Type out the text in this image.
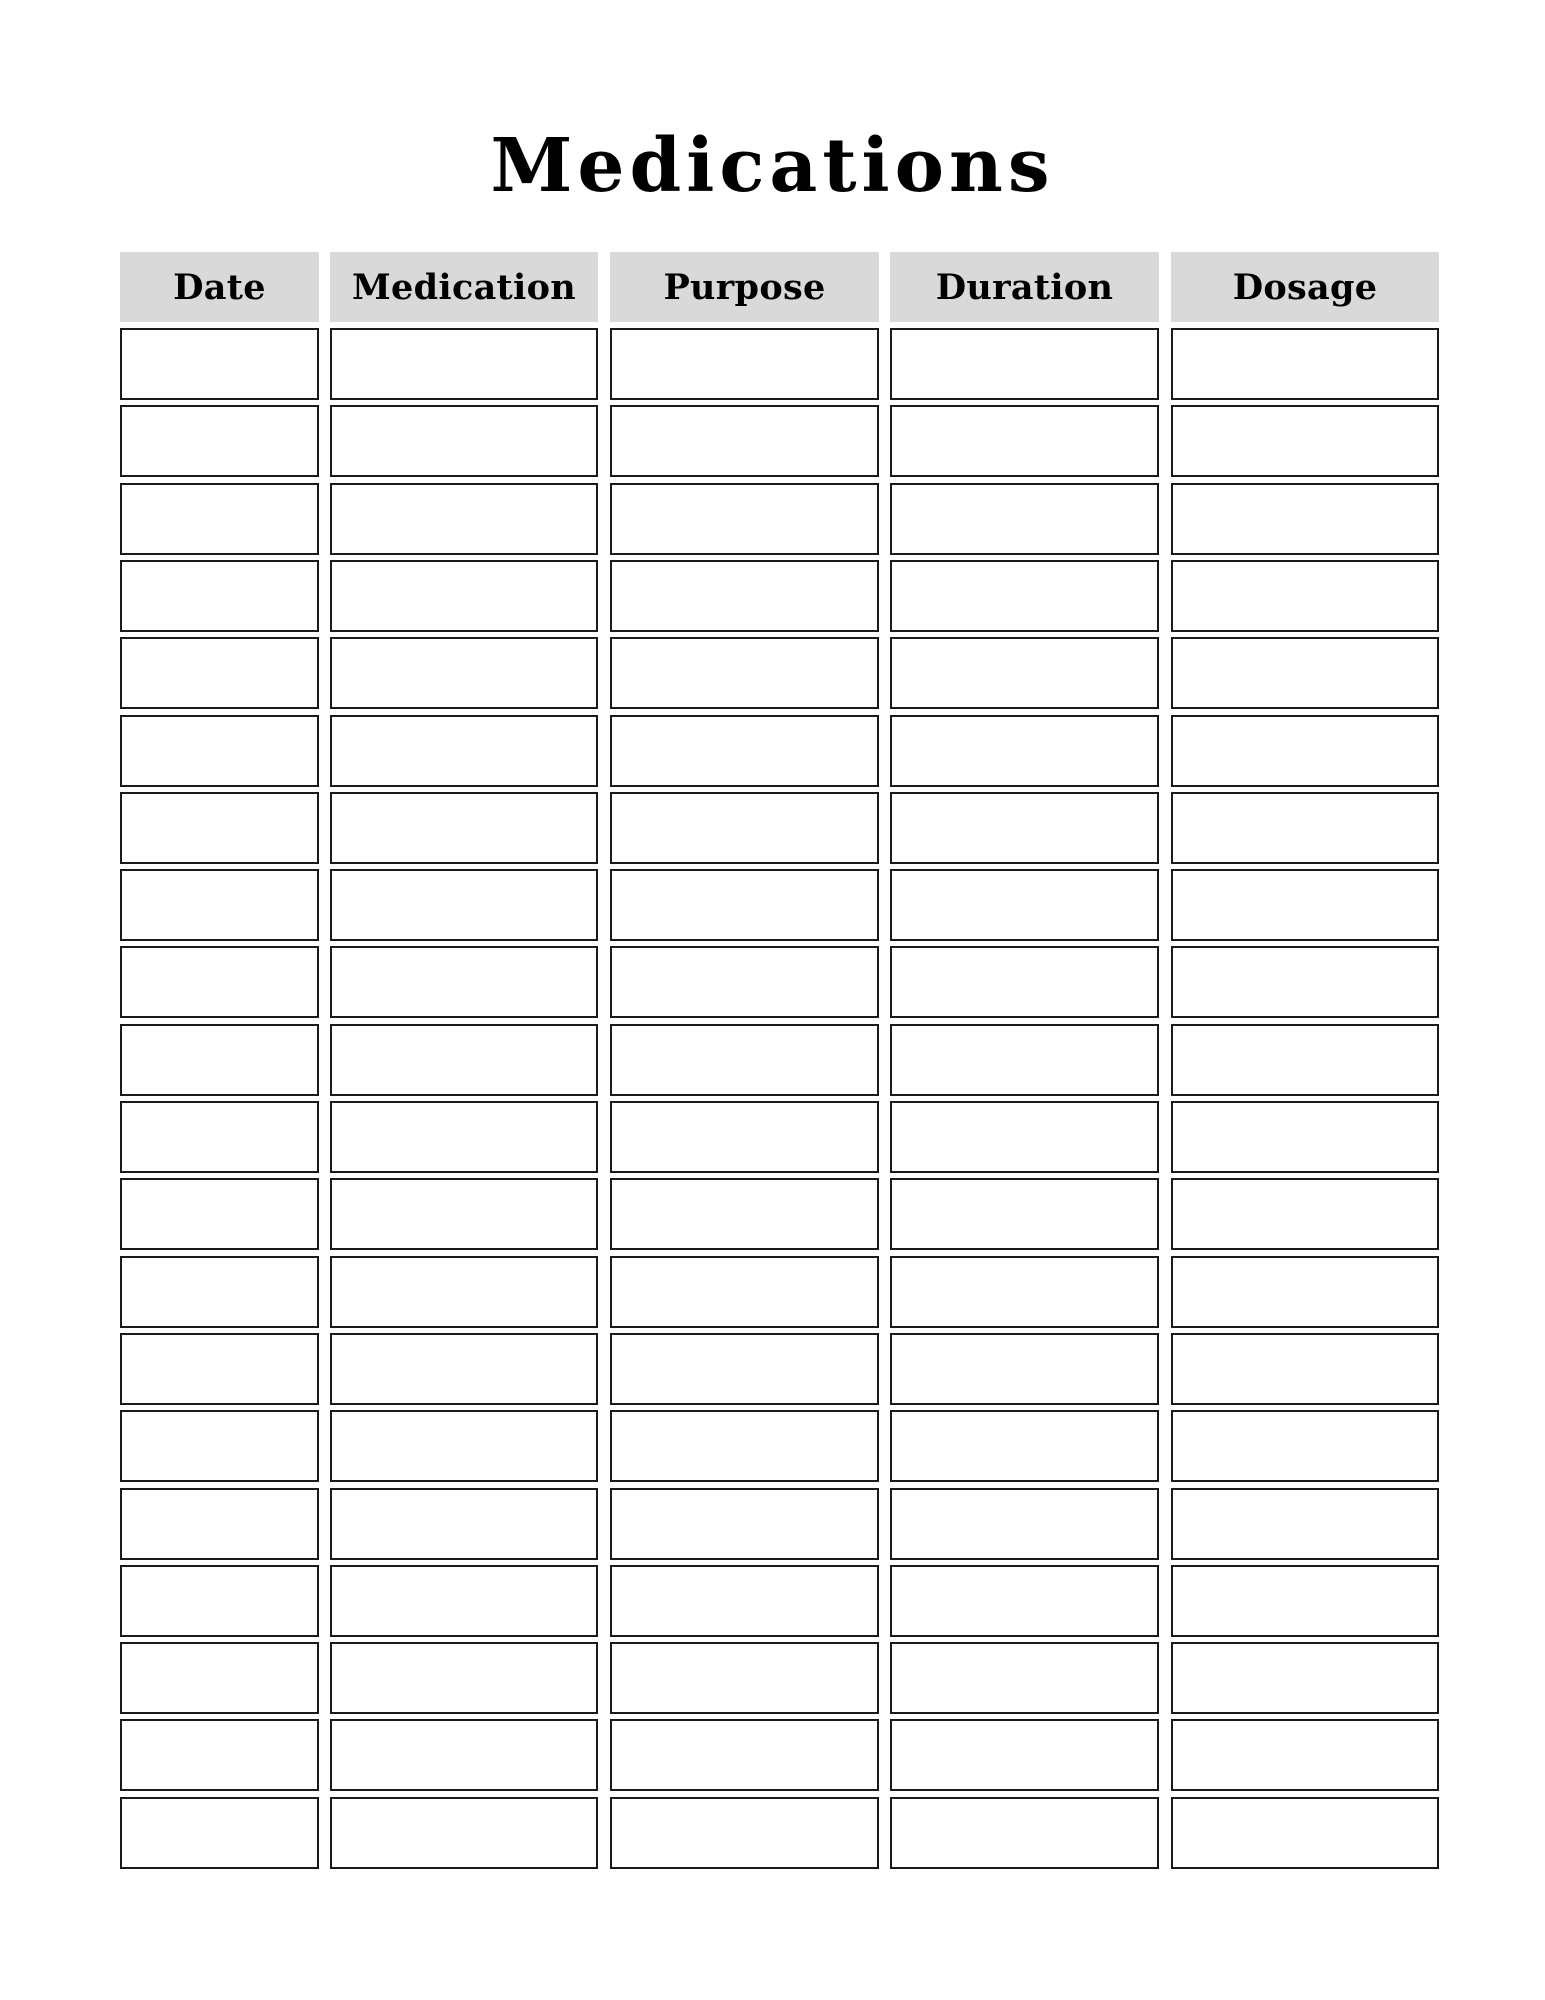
Medications
Date	Medication	Purpose	Duration	Dosage
